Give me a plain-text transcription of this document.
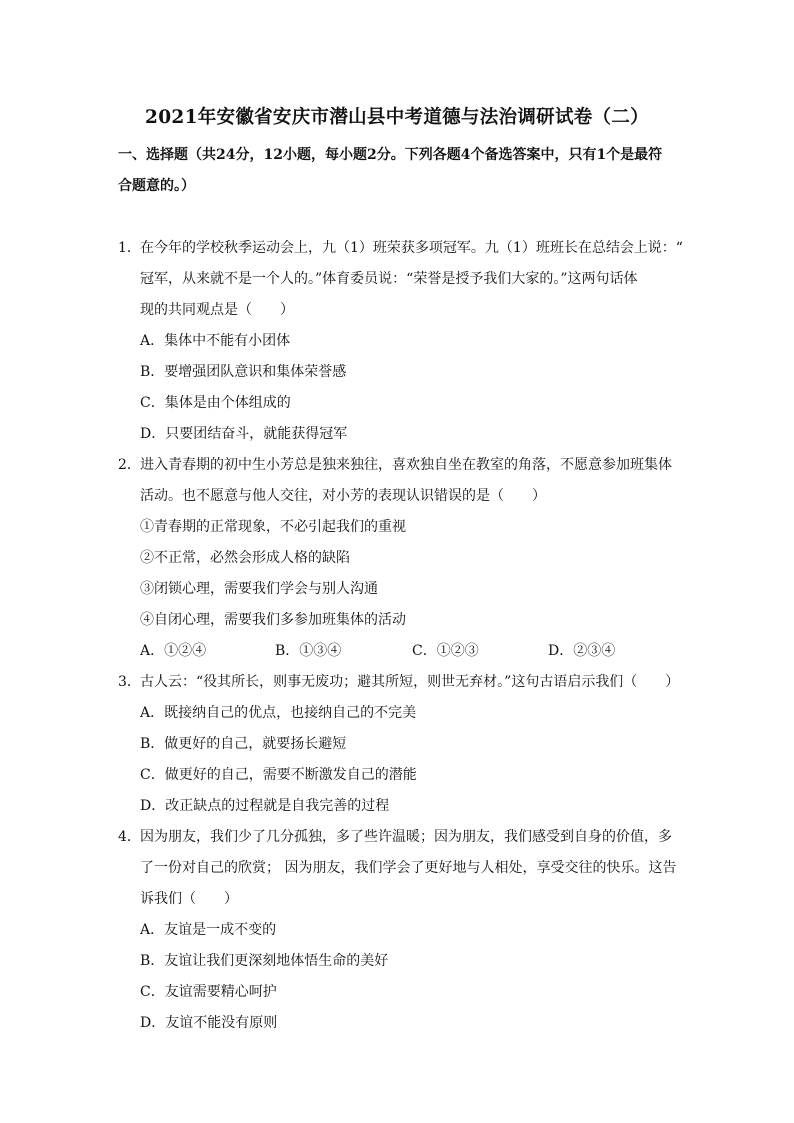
2021年安徽省安庆市潜山县中考道德与法治调研试卷（二）
一、选择题（共24分，12小题，每小题2分。下列各题4个备选答案中，只有1个是最符
合题意的。）
1．在今年的学校秋季运动会上，九（1）班荣获多项冠军。九（1）班班长在总结会上说：“
冠军，从来就不是一个人的。”体育委员说：“荣誉是授予我们大家的。”这两句话体
现的共同观点是（　　）
A．集体中不能有小团体
B．要增强团队意识和集体荣誉感
C．集体是由个体组成的
D．只要团结奋斗，就能获得冠军
2．进入青春期的初中生小芳总是独来独往，喜欢独自坐在教室的角落，不愿意参加班集体
活动。也不愿意与他人交往，对小芳的表现认识错误的是（　　）
①青春期的正常现象，不必引起我们的重视
②不正常，必然会形成人格的缺陷
③闭锁心理，需要我们学会与别人沟通
④自闭心理，需要我们多参加班集体的活动
A．①②④	B．①③④	C．①②③	D．②③④
3．古人云：“役其所长，则事无废功；避其所短，则世无弃材。”这句古语启示我们（　　）
A．既接纳自己的优点，也接纳自己的不完美
B．做更好的自己，就要扬长避短
C．做更好的自己，需要不断激发自己的潜能
D．改正缺点的过程就是自我完善的过程
4．因为朋友，我们少了几分孤独，多了些许温暖；因为朋友，我们感受到自身的价值，多
了一份对自己的欣赏； 因为朋友，我们学会了更好地与人相处，享受交往的快乐。这告
诉我们（　　）
A．友谊是一成不变的
B．友谊让我们更深刻地体悟生命的美好
C．友谊需要精心呵护
D．友谊不能没有原则
